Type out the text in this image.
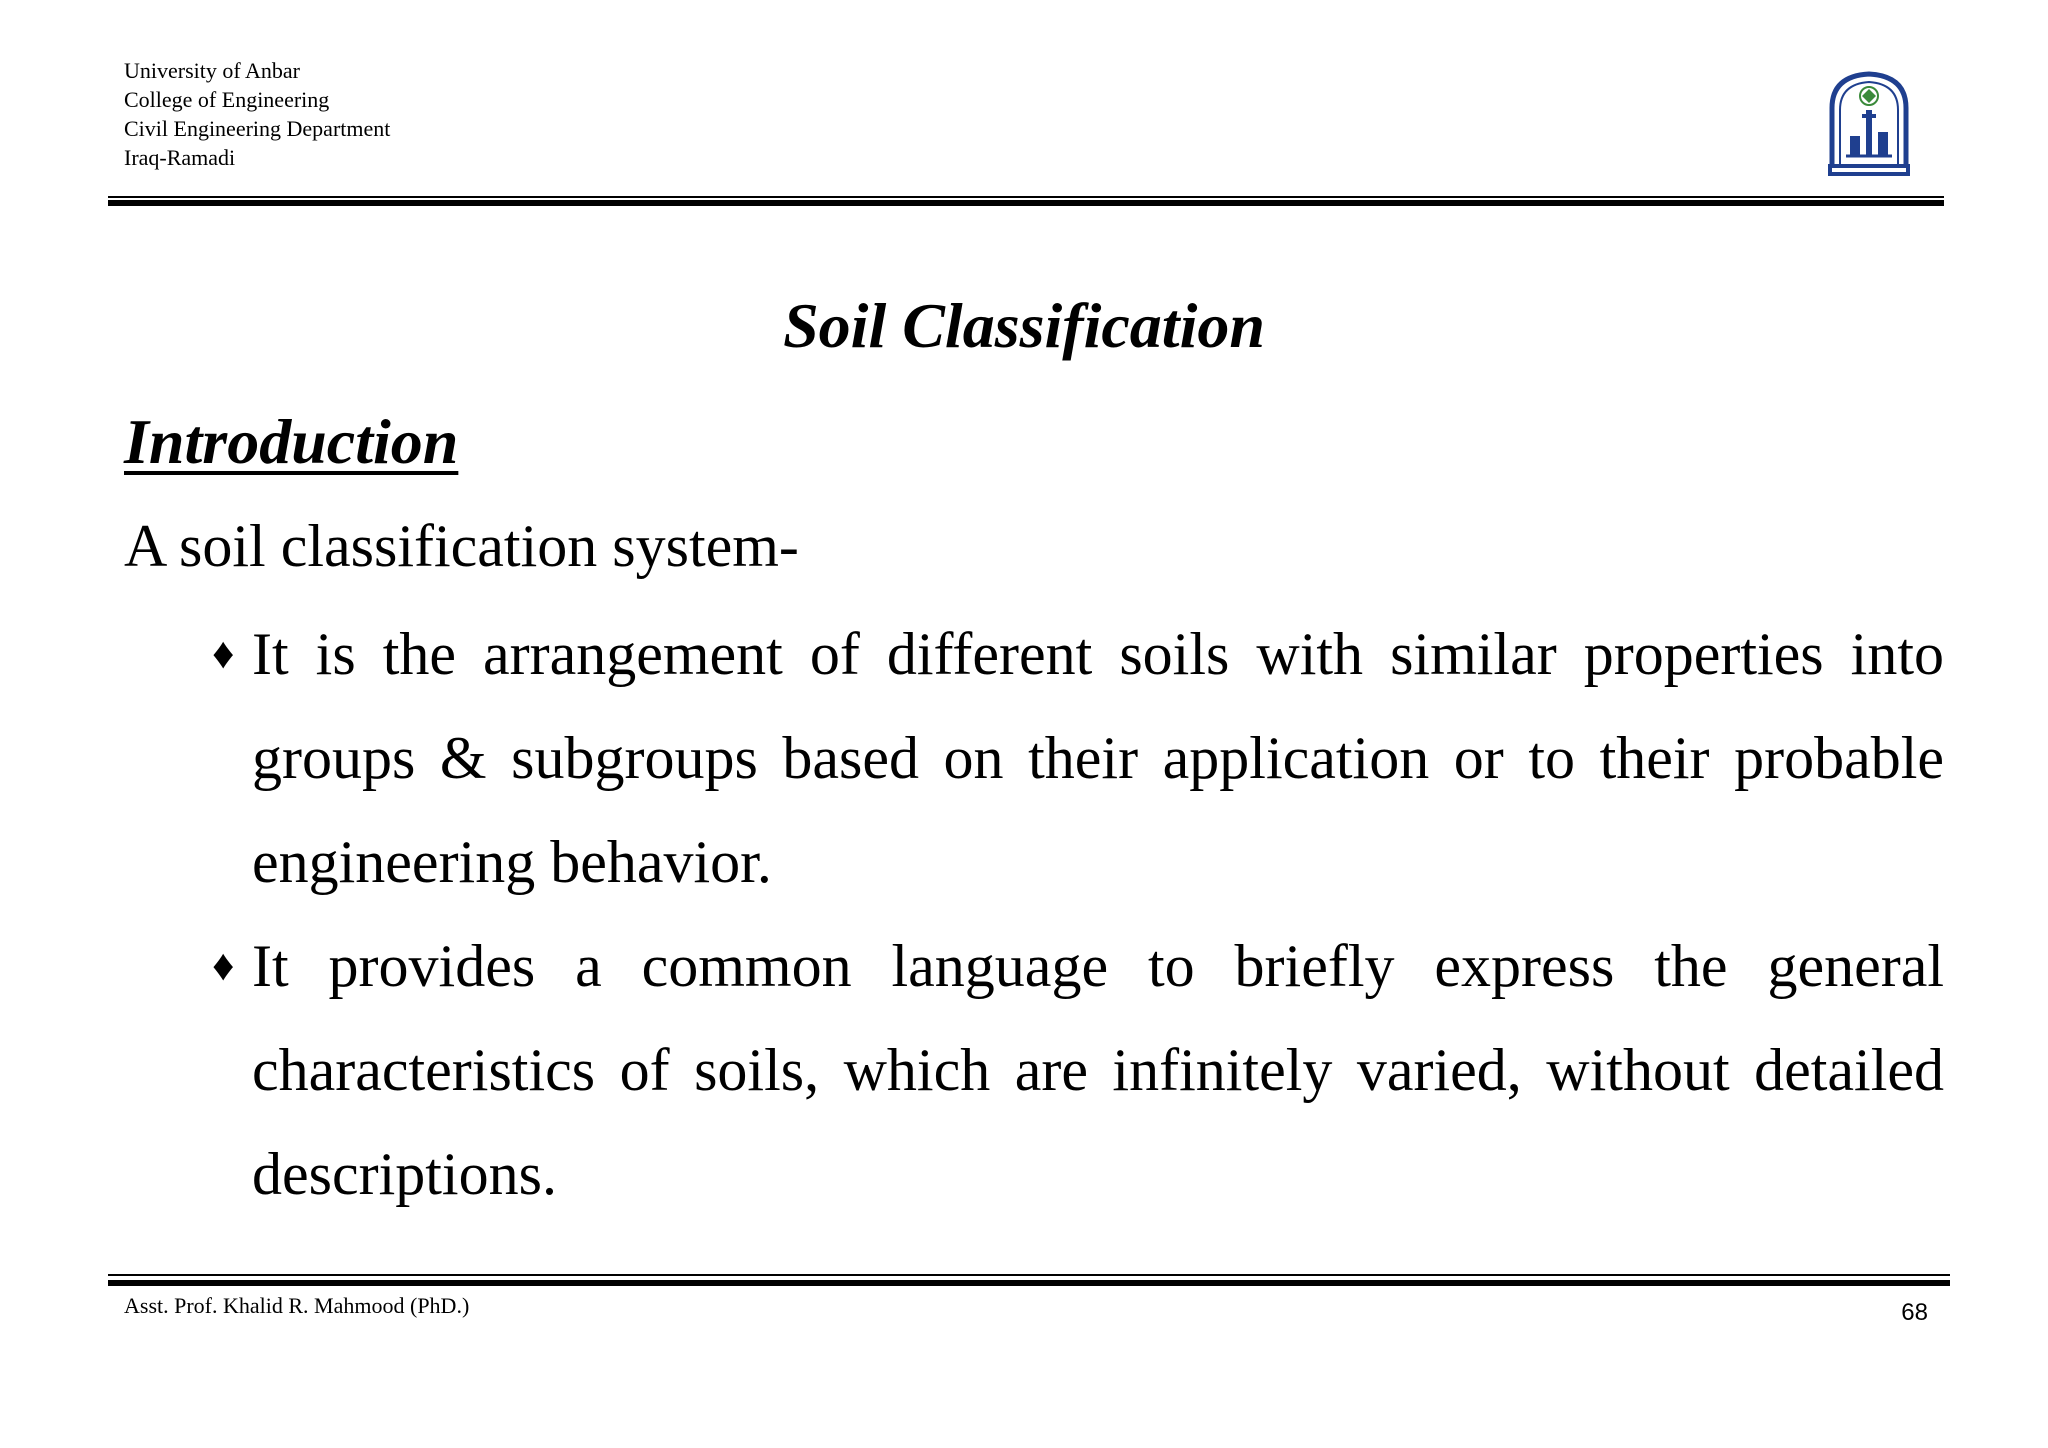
University of Anbar
College of Engineering
Civil Engineering Department
Iraq-Ramadi
Soil Classification
Introduction
A soil classification system-
♦ It is the arrangement of different soils with similar properties into groups & subgroups based on their application or to their probable engineering behavior.
♦ It provides a common language to briefly express the general characteristics of soils, which are infinitely varied, without detailed descriptions.
Asst. Prof. Khalid R. Mahmood (PhD.)	68
